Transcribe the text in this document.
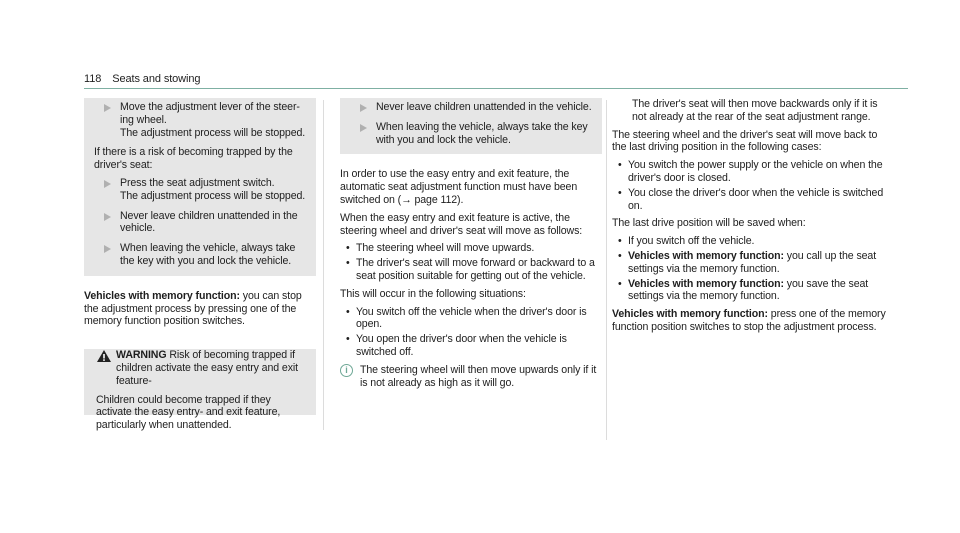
118 Seats and stowing
Move the adjustment lever of the steer-
ing wheel.
The adjustment process will be stopped.

If there is a risk of becoming trapped by the driver's seat:

Press the seat adjustment switch.
The adjustment process will be stopped.
Never leave children unattended in the vehicle.
When leaving the vehicle, always take the key with you and lock the vehicle.

Vehicles with memory function: you can stop the adjustment process by pressing one of the memory function position switches.

WARNING Risk of becoming trapped if children activate the easy entry and exit feature-

Children could become trapped if they activate the easy entry- and exit feature, particularly when unattended.

Never leave children unattended in the vehicle.
When leaving the vehicle, always take the key with you and lock the vehicle.

In order to use the easy entry and exit feature, the automatic seat adjustment function must have been switched on (→ page 112).

When the easy entry and exit feature is active, the steering wheel and driver's seat will move as follows:

• The steering wheel will move upwards.
• The driver's seat will move forward or backward to a seat position suitable for getting out of the vehicle.

This will occur in the following situations:

• You switch off the vehicle when the driver's door is open.
• You open the driver's door when the vehicle is switched off.
i	The steering wheel will then move upwards only if it is not already as high as it will go.

The driver's seat will then move backwards only if it is not already at the rear of the seat adjustment range.

The steering wheel and the driver's seat will move back to the last driving position in the following cases:

• You switch the power supply or the vehicle on when the driver's door is closed.
• You close the driver's door when the vehicle is switched on.

The last drive position will be saved when:

• If you switch off the vehicle.
• Vehicles with memory function: you call up the seat settings via the memory function.
• Vehicles with memory function: you save the seat settings via the memory function.

Vehicles with memory function: press one of the memory function position switches to stop the adjustment process.
